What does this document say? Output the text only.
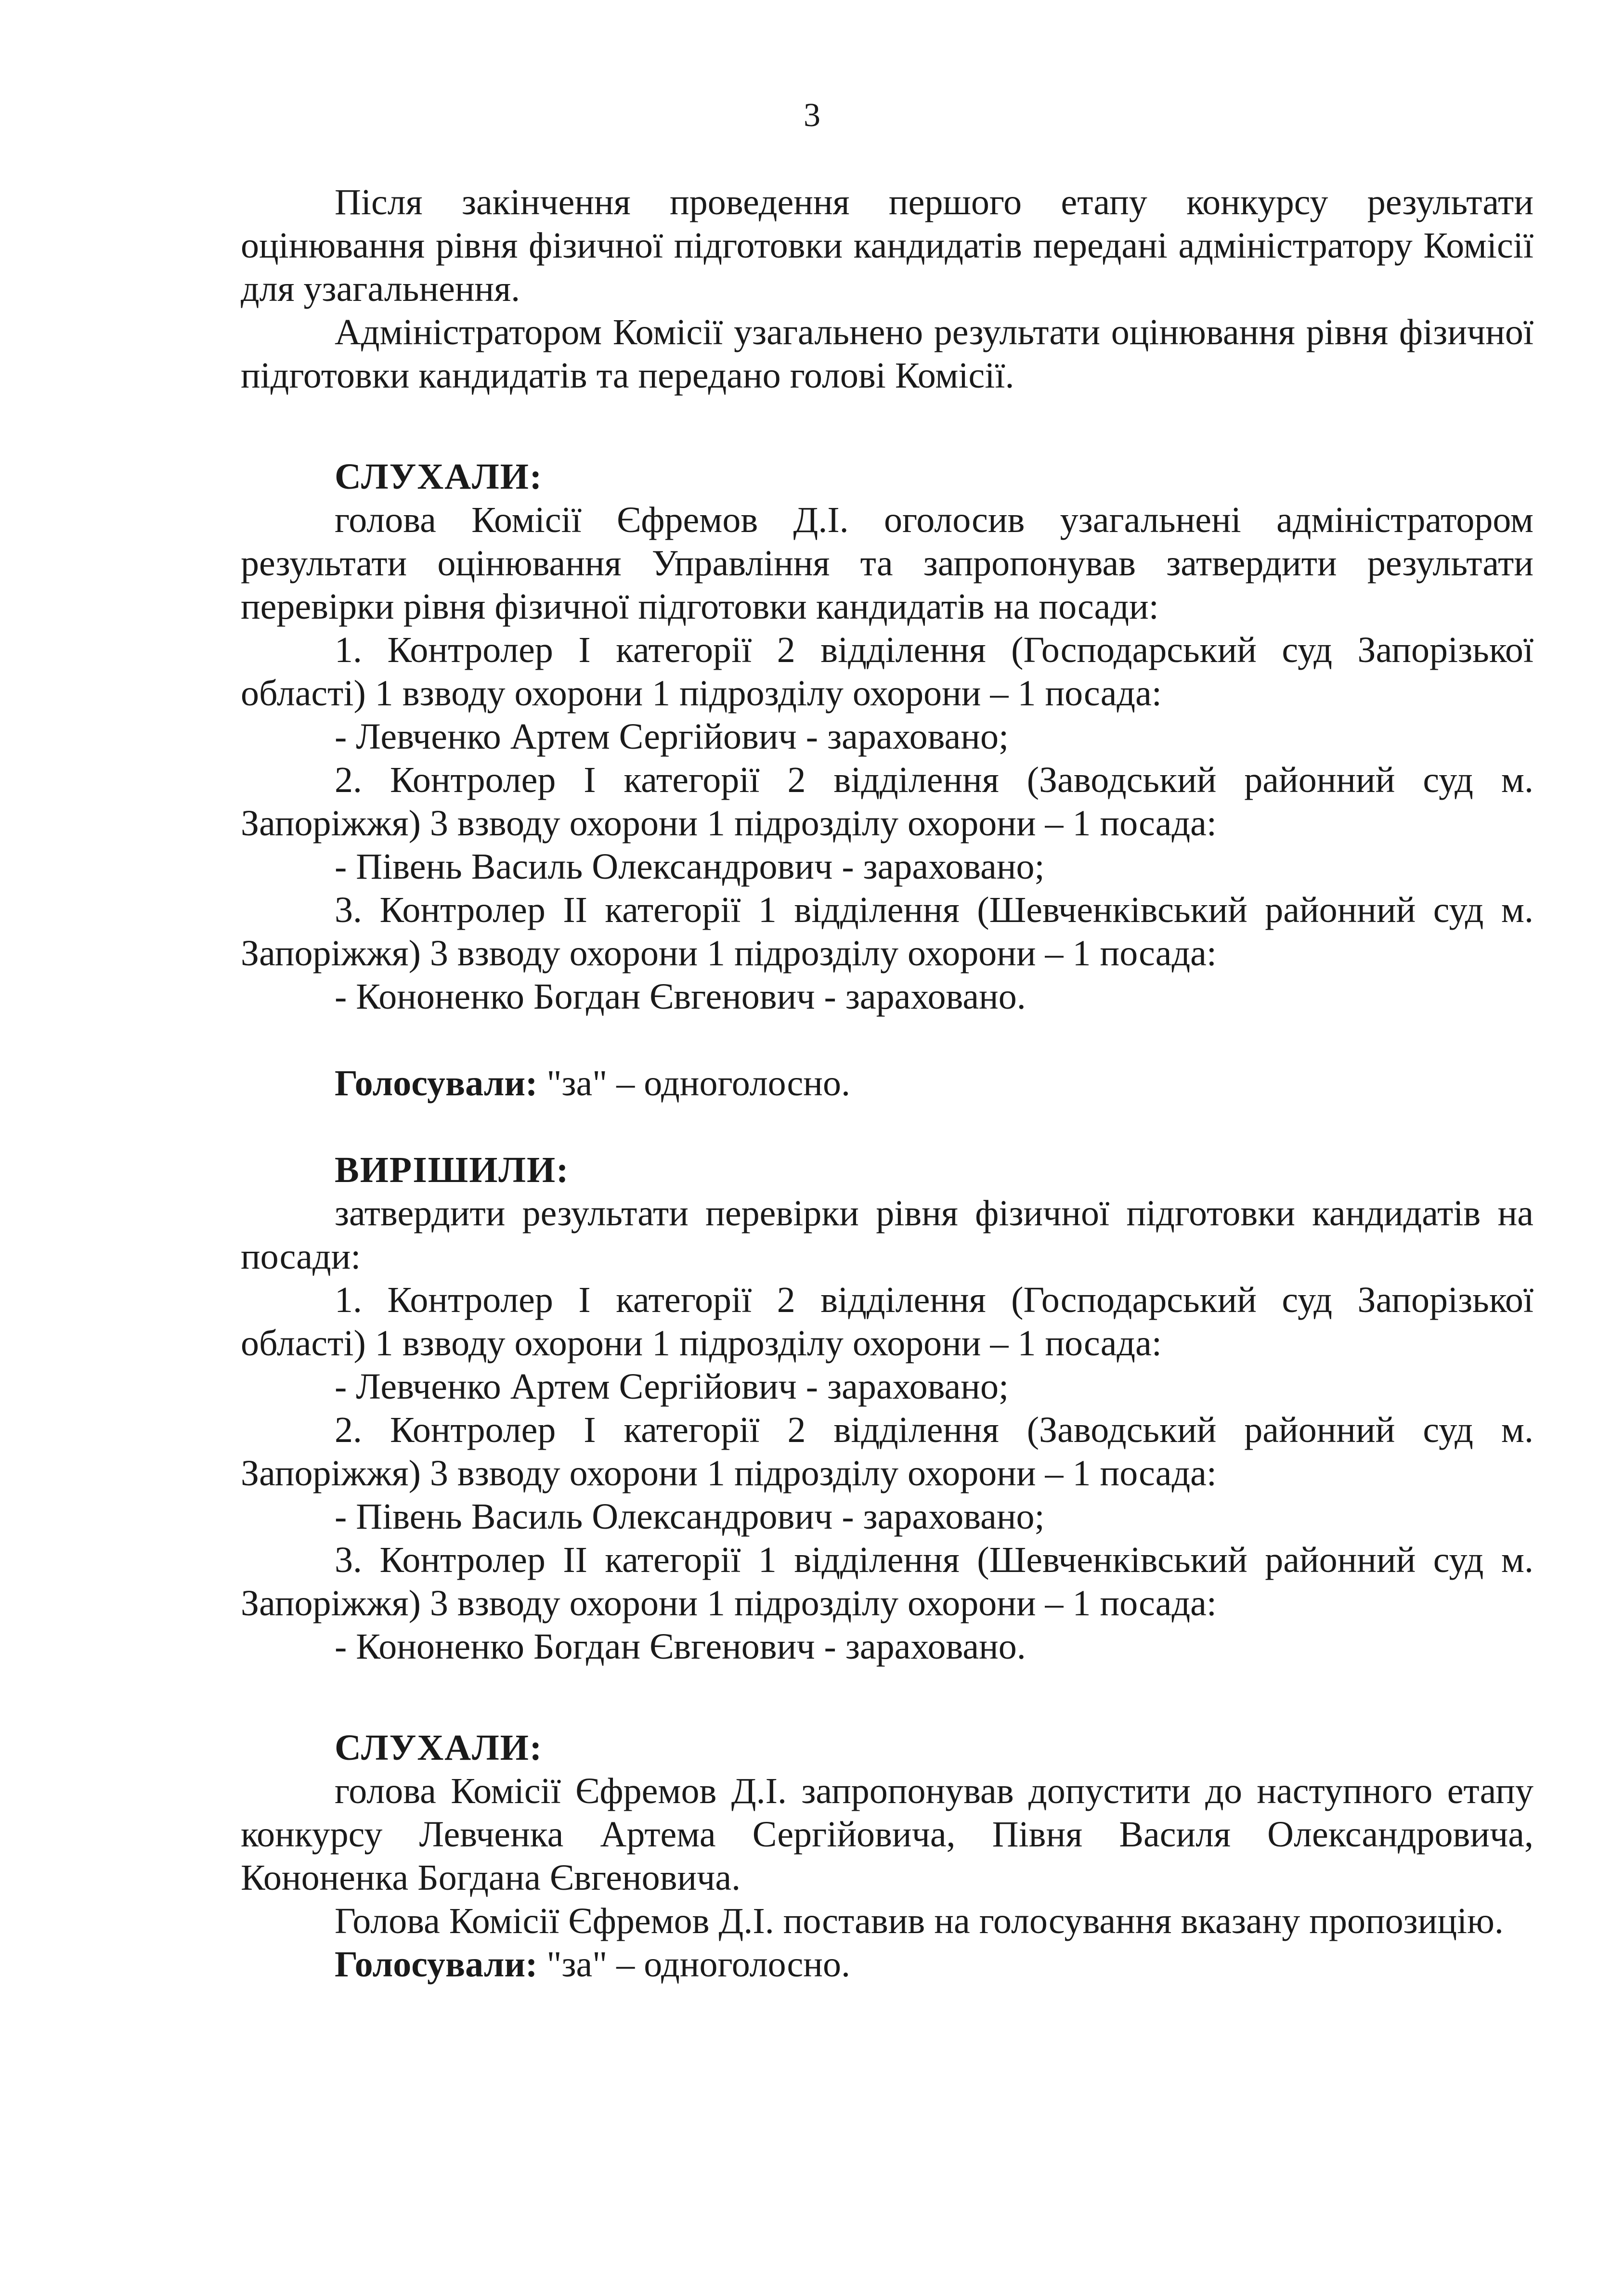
3

Після закінчення проведення першого етапу конкурсу результати оцінювання рівня фізичної підготовки кандидатів передані адміністратору Комісії для узагальнення.

Адміністратором Комісії узагальнено результати оцінювання рівня фізичної підготовки кандидатів та передано голові Комісії.

СЛУХАЛИ:

голова Комісії Єфремов Д.І. оголосив узагальнені адміністратором результати оцінювання Управління та запропонував затвердити результати перевірки рівня фізичної підготовки кандидатів на посади:

1. Контролер І категорії 2 відділення (Господарський суд Запорізької області) 1 взводу охорони 1 підрозділу охорони – 1 посада:

- Левченко Артем Сергійович - зараховано;

2. Контролер І категорії 2 відділення (Заводський районний суд м. Запоріжжя) 3 взводу охорони 1 підрозділу охорони – 1 посада:

- Півень Василь Олександрович - зараховано;

3. Контролер ІІ категорії 1 відділення (Шевченківський районний суд м. Запоріжжя) 3 взводу охорони 1 підрозділу охорони – 1 посада:

- Кононенко Богдан Євгенович - зараховано.

Голосували: "за" – одноголосно.

ВИРІШИЛИ:

затвердити результати перевірки рівня фізичної підготовки кандидатів на посади:

1. Контролер І категорії 2 відділення (Господарський суд Запорізької області) 1 взводу охорони 1 підрозділу охорони – 1 посада:

- Левченко Артем Сергійович - зараховано;

2. Контролер І категорії 2 відділення (Заводський районний суд м. Запоріжжя) 3 взводу охорони 1 підрозділу охорони – 1 посада:

- Півень Василь Олександрович - зараховано;

3. Контролер ІІ категорії 1 відділення (Шевченківський районний суд м. Запоріжжя) 3 взводу охорони 1 підрозділу охорони – 1 посада:

- Кононенко Богдан Євгенович - зараховано.

СЛУХАЛИ:

голова Комісії Єфремов Д.І. запропонував допустити до наступного етапу конкурсу Левченка Артема Сергійовича, Півня Василя Олександровича, Кононенка Богдана Євгеновича.

Голова Комісії Єфремов Д.І. поставив на голосування вказану пропозицію.

Голосували: "за" – одноголосно.
